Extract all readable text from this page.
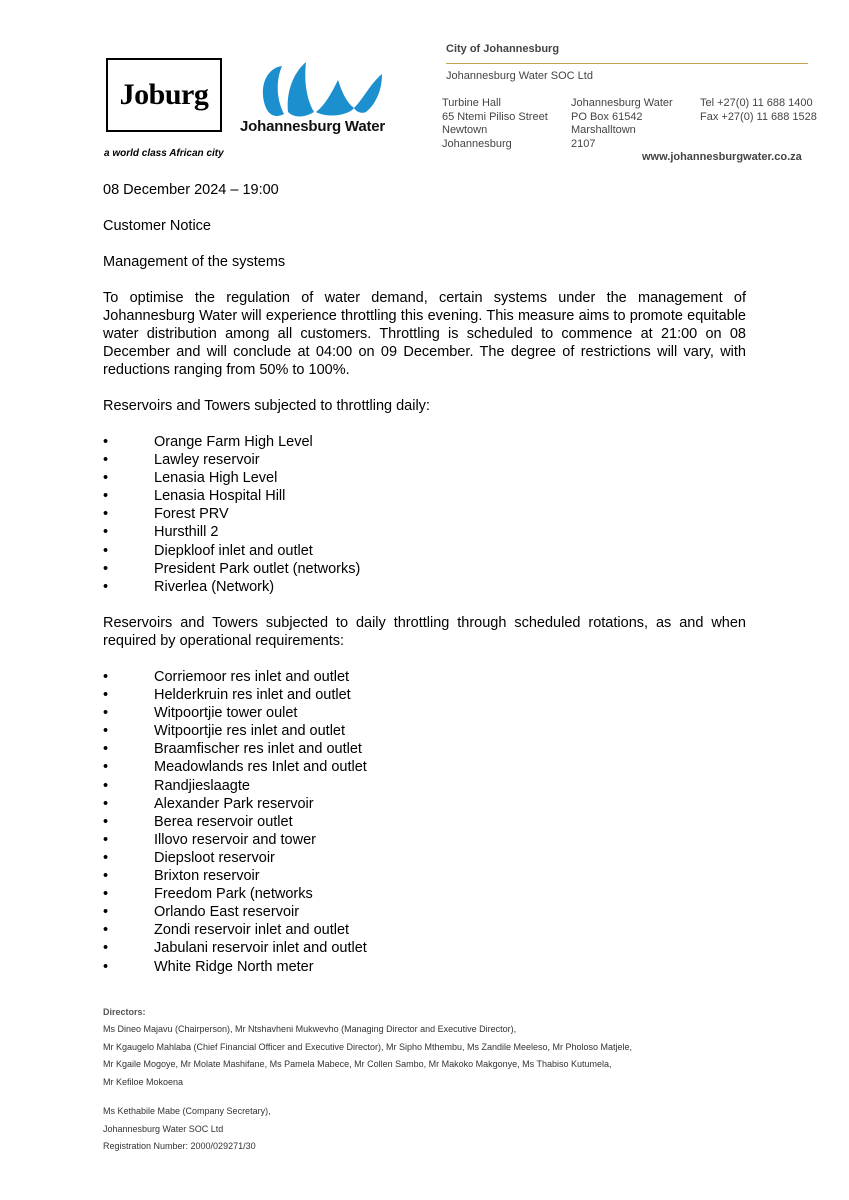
Joburg
a world class African city
Johannesburg Water
City of Johannesburg
Johannesburg Water SOC Ltd
Turbine Hall
65 Ntemi Piliso Street
Newtown
Johannesburg
Johannesburg Water
PO Box 61542
Marshalltown
2107
Tel +27(0) 11 688 1400
Fax +27(0) 11 688 1528
www.johannesburgwater.co.za
08 December 2024 – 19:00
Customer Notice
Management of the systems
To optimise the regulation of water demand, certain systems under the management of Johannesburg Water will experience throttling this evening. This measure aims to promote equitable water distribution among all customers. Throttling is scheduled to commence at 21:00 on 08 December and will conclude at 04:00 on 09 December. The degree of restrictions will vary, with reductions ranging from 50% to 100%.
Reservoirs and Towers subjected to throttling daily:
•	Orange Farm High Level
•	Lawley reservoir
•	Lenasia High Level
•	Lenasia Hospital Hill
•	Forest PRV
•	Hursthill 2
•	Diepkloof inlet and outlet
•	President Park outlet (networks)
•	Riverlea (Network)
Reservoirs and Towers subjected to daily throttling through scheduled rotations, as and when required by operational requirements:
•	Corriemoor res inlet and outlet
•	Helderkruin res inlet and outlet
•	Witpoortjie tower oulet
•	Witpoortjie res inlet and outlet
•	Braamfischer res inlet and outlet
•	Meadowlands res Inlet and outlet
•	Randjieslaagte
•	Alexander Park reservoir
•	Berea reservoir outlet
•	Illovo reservoir and tower
•	Diepsloot reservoir
•	Brixton reservoir
•	Freedom Park (networks
•	Orlando East reservoir
•	Zondi reservoir inlet and outlet
•	Jabulani reservoir inlet and outlet
•	White Ridge North meter
Directors:
Ms Dineo Majavu (Chairperson), Mr Ntshavheni Mukwevho (Managing Director and Executive Director),
Mr Kgaugelo Mahlaba (Chief Financial Officer and Executive Director), Mr Sipho Mthembu, Ms Zandile Meeleso, Mr Pholoso Matjele,
Mr Kgaile Mogoye, Mr Molate Mashifane, Ms Pamela Mabece, Mr Collen Sambo, Mr Makoko Makgonye, Ms Thabiso Kutumela,
Mr Kefiloe Mokoena
Ms Kethabile Mabe (Company Secretary),
Johannesburg Water SOC Ltd
Registration Number: 2000/029271/30
